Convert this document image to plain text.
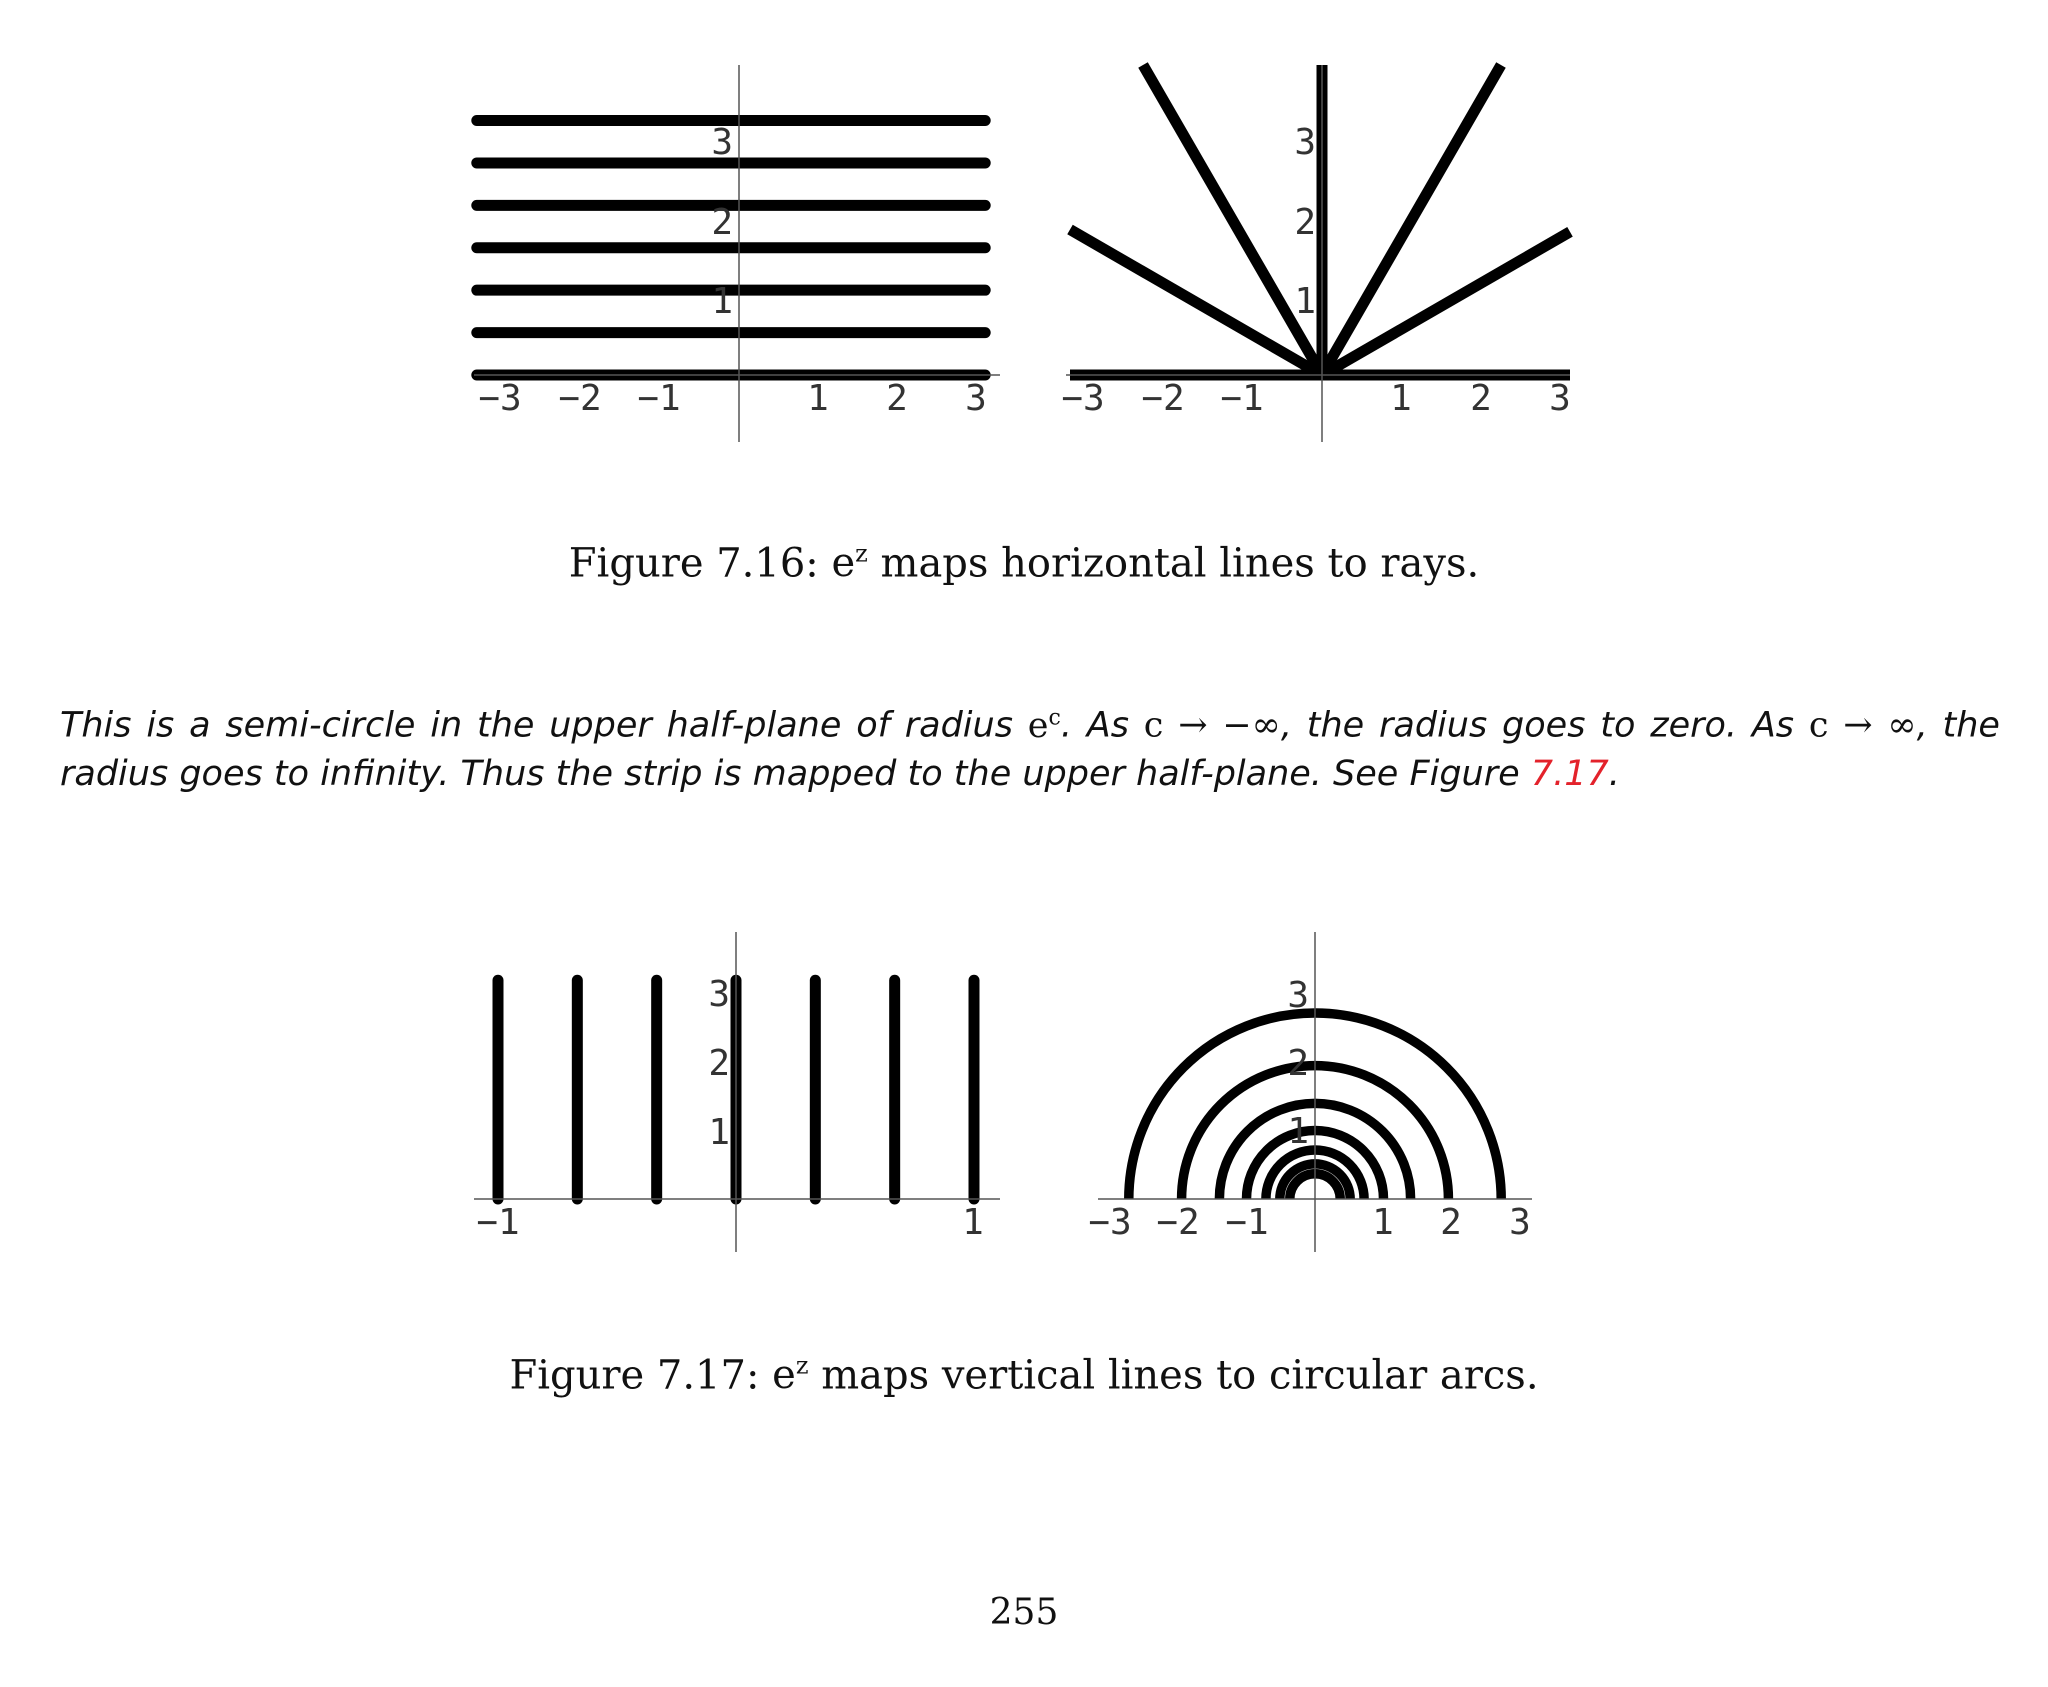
−3 −2 −1	1 2 3
1
2
3
−3 −2 −1	1 2 3
1
2
3
−1	1
1
2
3
−3 −2 −1	1 2 3
1
2
3
Figure 7.16: $e^z$ maps horizontal lines to rays.
This is a semi-circle in the upper half-plane of radius $e^c$. As c → −∞, the radius goes to zero. As c → ∞, the radius goes to infinity. Thus the strip is mapped to the upper half-plane. See Figure 7.17.
Figure 7.17: $e^z$ maps vertical lines to circular arcs.
255
